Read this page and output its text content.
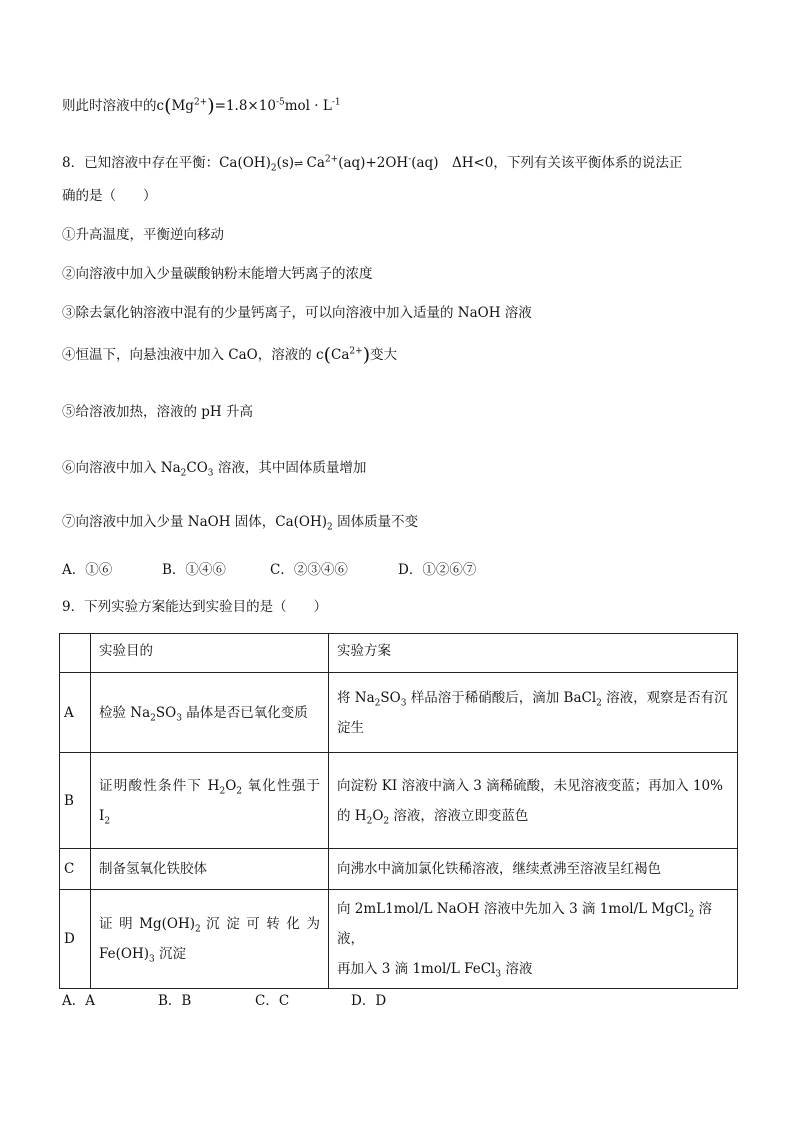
则此时溶液中的$c(Mg^{2+})=1.8\times 10^{-5}mol \cdot L^{-1}$
8．已知溶液中存在平衡：$Ca(OH)_2(s)\rightleftharpoons$ $Ca^{2+}(aq)+2OH^-(aq)$　ΔH<0，下列有关该平衡体系的说法正
确的是（　　）
①升高温度，平衡逆向移动
②向溶液中加入少量碳酸钠粉末能增大钙离子的浓度
③除去氯化钠溶液中混有的少量钙离子，可以向溶液中加入适量的 NaOH 溶液
④恒温下，向悬浊液中加入 CaO，溶液的 $c(Ca^{2+})$变大
⑤给溶液加热，溶液的 pH 升高
⑥向溶液中加入 $Na_2CO_3$ 溶液，其中固体质量增加
⑦向溶液中加入少量 NaOH 固体，$Ca(OH)_2$ 固体质量不变
A．①⑥	B．①④⑥	C．②③④⑥	D．①②⑥⑦
9．下列实验方案能达到实验目的是（　　）
	实验目的	实验方案
A	检验 $Na_2SO_3$ 晶体是否已氧化变质	将 $Na_2SO_3$ 样品溶于稀硝酸后，滴加 BaCl$_2$ 溶液，观察是否有沉
淀生
B	证明酸性条件下 $H_2O_2$ 氧化性强于
$I_2$	向淀粉 KI 溶液中滴入 3 滴稀硫酸，未见溶液变蓝；再加入 10%
的 $H_2O_2$ 溶液，溶液立即变蓝色
C	制备氢氧化铁胶体	向沸水中滴加氯化铁稀溶液，继续煮沸至溶液呈红褐色
D	证 明 $Mg(OH)_2$ 沉 淀 可 转 化 为
$Fe(OH)_3$ 沉淀	向 2mL1mol/L NaOH 溶液中先加入 3 滴 1mol/L MgCl$_2$ 溶液，
再加入 3 滴 1mol/L FeCl$_3$ 溶液
A．A	B．B	C．C	D．D
